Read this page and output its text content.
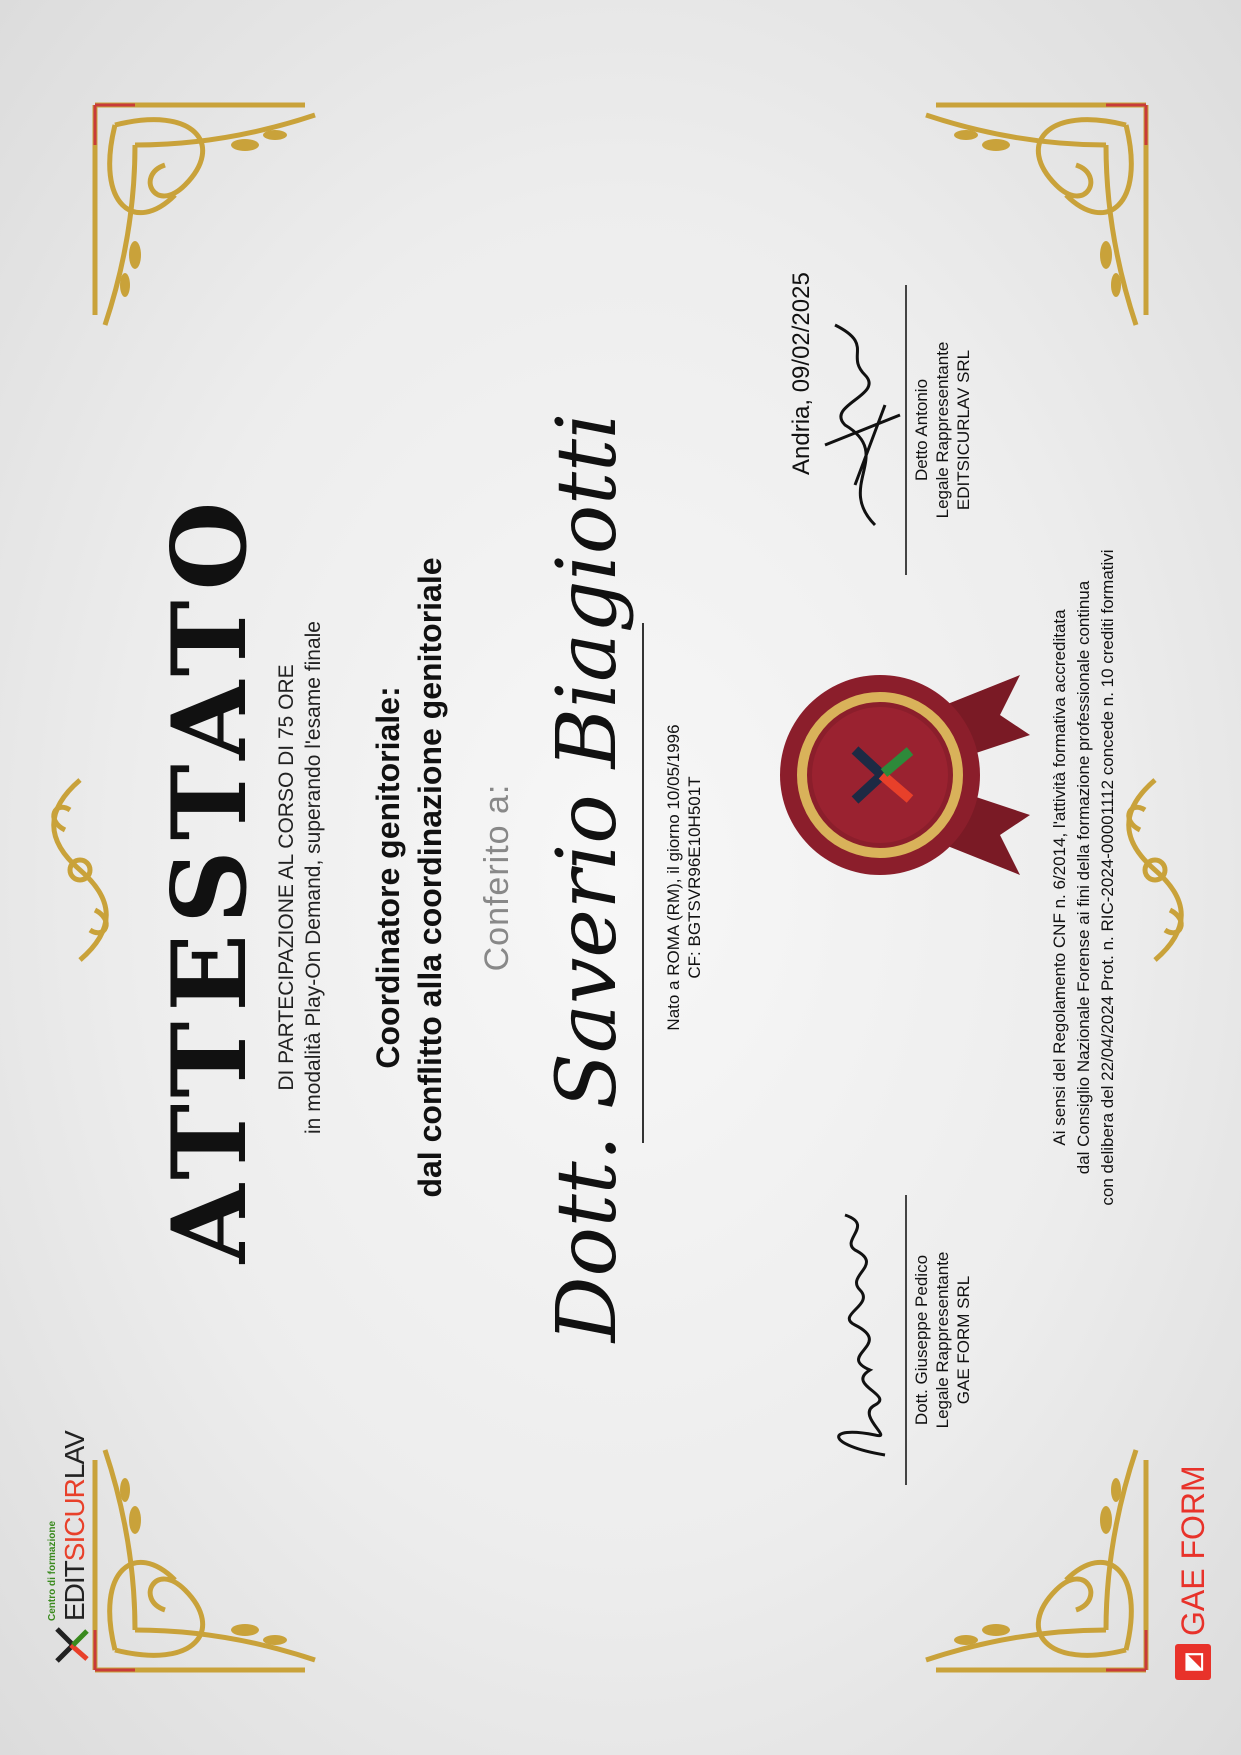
Centro di formazione EDITSICURLAV
◩
GAE FORM
ATTESTATO DI PARTECIPAZIONE AL CORSO DI 75 ORE in modalità Play-On Demand, superando l'esame finale Coordinatore genitoriale: dal conflitto alla coordinazione genitoriale Conferito a: Dott. Saverio Biagiotti Nato a ROMA (RM), il giorno 10/05/1996 CF: BGTSVR96E10H501T
Andria, 09/02/2025
Dott. Giuseppe Pedico Legale Rappresentante GAE FORM SRL
Detto Antonio Legale Rappresentante EDITSICURLAV SRL
Ai sensi del Regolamento CNF n. 6/2014, l'attività formativa accreditata dal Consiglio Nazionale Forense ai fini della formazione professionale continua con delibera del 22/04/2024 Prot. n. RIC-2024-00001112 concede n. 10 crediti formativi
